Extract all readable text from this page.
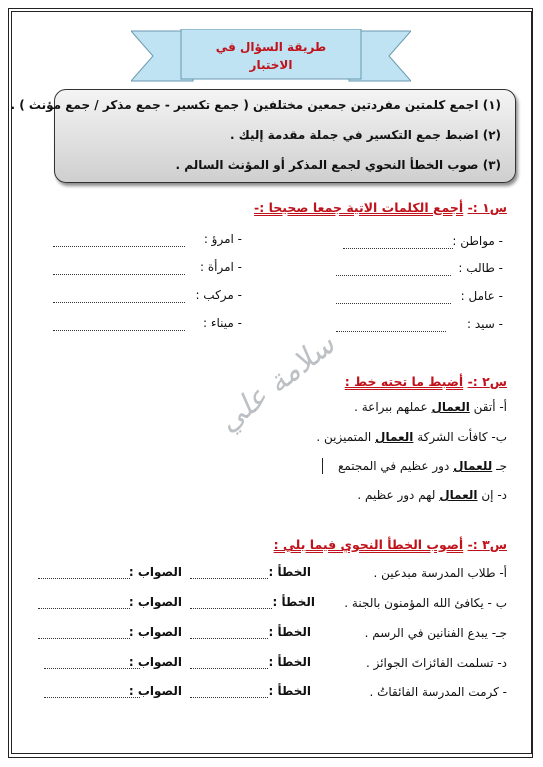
طريقة السؤال في
الاختبار
(١) اجمع كلمتين مفردتين جمعين مختلفين ( جمع تكسير - جمع مذكر / جمع مؤنث ) .
(٢) اضبط جمع التكسير في جملة مقدمة إليك .
(٣) صوب الخطأ النحوي لجمع المذكر أو المؤنث السالم .
س١ :- أجمع الكلمات الاتية جمعا صحيحا :-
- مواطن :
- امرؤ :
- طالب :
- امرأة :
- عامل :
- مركب :
- سيد :
- ميناء :
سلامة علي	س٢ :- أضبط ما تحته خط :
أ- أتقن العمال عملهم ببراعة .
ب- كافأت الشركة العمال المتميزين .
جـ للعمال دور عظيم في المجتمع
د- إن العمال لهم دور عظيم .
س٣ :- أصوب الخطأ النحوي فيما يلي :
أ- طلاب المدرسة مبدعين .
الخطأ :
الصواب :
ب - يكافئ الله المؤمنون بالجنة .
الخطأ :
الصواب :
جـ- يبدع الفنانين في الرسم .
الخطأ :
الصواب :
د- تسلمت الفائزاتَ الجوائز .
الخطأ :
الصواب :
- كرمت المدرسة الفائقاتُ .
الخطأ :
الصواب :
